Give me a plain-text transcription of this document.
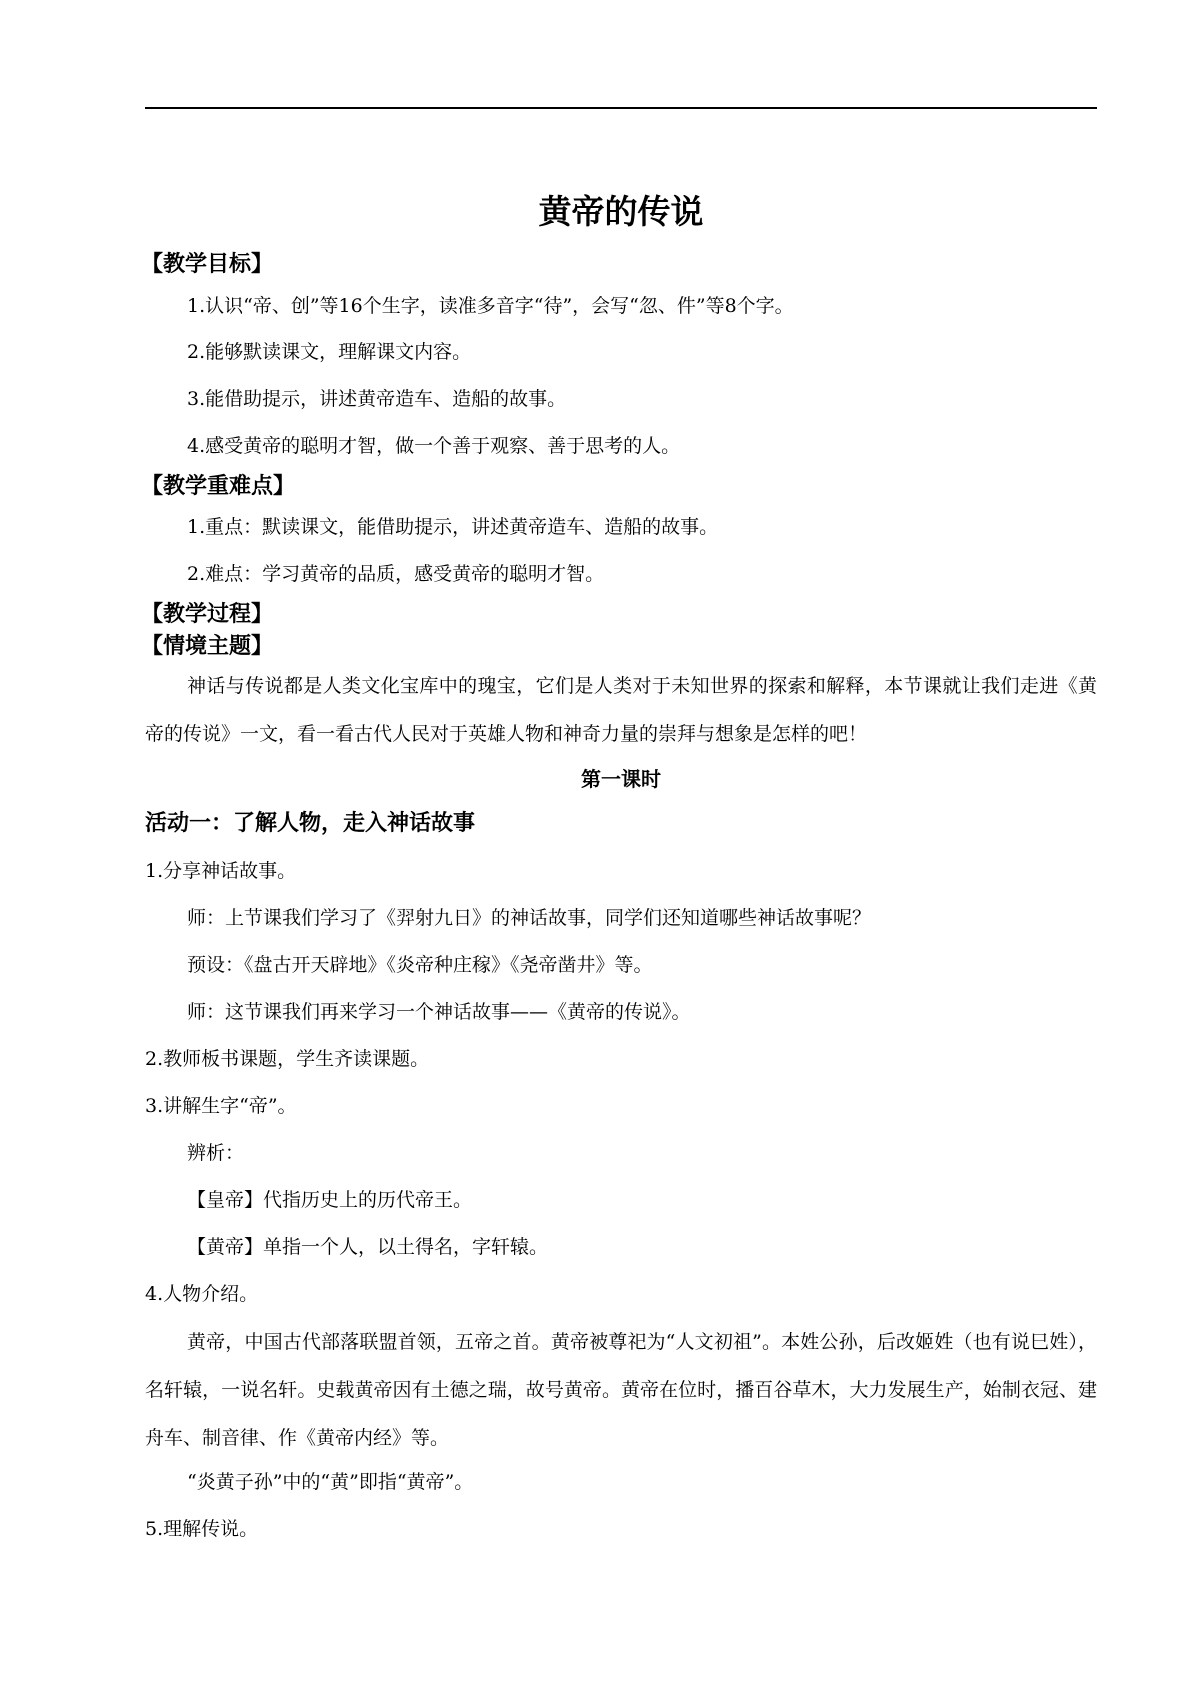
黄帝的传说
【教学目标】
1.认识“帝、创”等16个生字，读准多音字“待”，会写“忽、件”等8个字。
2.能够默读课文，理解课文内容。
3.能借助提示，讲述黄帝造车、造船的故事。
4.感受黄帝的聪明才智，做一个善于观察、善于思考的人。
【教学重难点】
1.重点：默读课文，能借助提示，讲述黄帝造车、造船的故事。
2.难点：学习黄帝的品质，感受黄帝的聪明才智。
【教学过程】
【情境主题】
神话与传说都是人类文化宝库中的瑰宝，它们是人类对于未知世界的探索和解释，本节课就让我们走进《黄帝的传说》一文，看一看古代人民对于英雄人物和神奇力量的崇拜与想象是怎样的吧！
第一课时
活动一：了解人物，走入神话故事
1.分享神话故事。
师：上节课我们学习了《羿射九日》的神话故事，同学们还知道哪些神话故事呢？
预设：《盘古开天辟地》《炎帝种庄稼》《尧帝凿井》等。
师：这节课我们再来学习一个神话故事——《黄帝的传说》。
2.教师板书课题，学生齐读课题。
3.讲解生字“帝”。
辨析：
【皇帝】代指历史上的历代帝王。
【黄帝】单指一个人，以土得名，字轩辕。
4.人物介绍。
黄帝，中国古代部落联盟首领，五帝之首。黄帝被尊祀为“人文初祖”。本姓公孙，后改姬姓（也有说巳姓），名轩辕，一说名轩。史载黄帝因有土德之瑞，故号黄帝。黄帝在位时，播百谷草木，大力发展生产，始制衣冠、建舟车、制音律、作《黄帝内经》等。
“炎黄子孙”中的“黄”即指“黄帝”。
5.理解传说。
